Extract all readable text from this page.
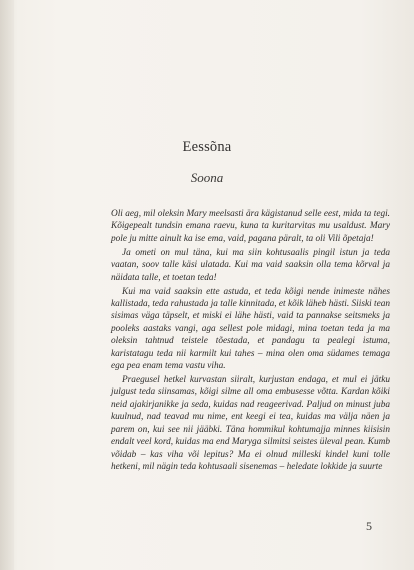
Eessõna
Soona

Oli aeg, mil oleksin Mary meelsasti ära kägistanud selle eest, mida ta tegi. Kõigepealt tundsin emana raevu, kuna ta kuritarvitas mu usaldust. Mary pole ju mitte ainult ka ise ema, vaid, pagana päralt, ta oli Vili õpetaja!

Ja ometi on mul täna, kui ma siin kohtusaalis pingil istun ja teda vaatan, soov talle käsi ulatada. Kui ma vaid saaksin olla tema kõrval ja näidata talle, et toetan teda!

Kui ma vaid saaksin ette astuda, et teda kõigi nende inimeste nähes kallistada, teda rahustada ja talle kinnitada, et kõik läheb hästi. Siiski tean sisimas väga täpselt, et miski ei lähe hästi, vaid ta pannakse seitsmeks ja pooleks aastaks vangi, aga sellest pole midagi, mina toetan teda ja ma oleksin tahtnud teistele tõestada, et pandagu ta pealegi istuma, karistatagu teda nii karmilt kui tahes – mina olen oma südames temaga ega pea enam tema vastu viha.

Praegusel hetkel kurvastan siiralt, kurjustan endaga, et mul ei jätku julgust teda siinsamas, kõigi silme all oma embusesse võtta. Kardan kõiki neid ajakirjanikke ja seda, kuidas nad reageerivad. Paljud on minust juba kuulnud, nad teavad mu nime, ent keegi ei tea, kuidas ma välja näen ja parem on, kui see nii jääbki. Täna hommikul kohtumajja minnes kiisisin endalt veel kord, kuidas ma end Maryga silmitsi seistes üleval pean. Kumb võidab – kas viha või lepitus? Ma ei olnud milleski kindel kuni tolle hetkeni, mil nägin teda kohtusaali sisenemas – heledate lokkide ja suurte

5
